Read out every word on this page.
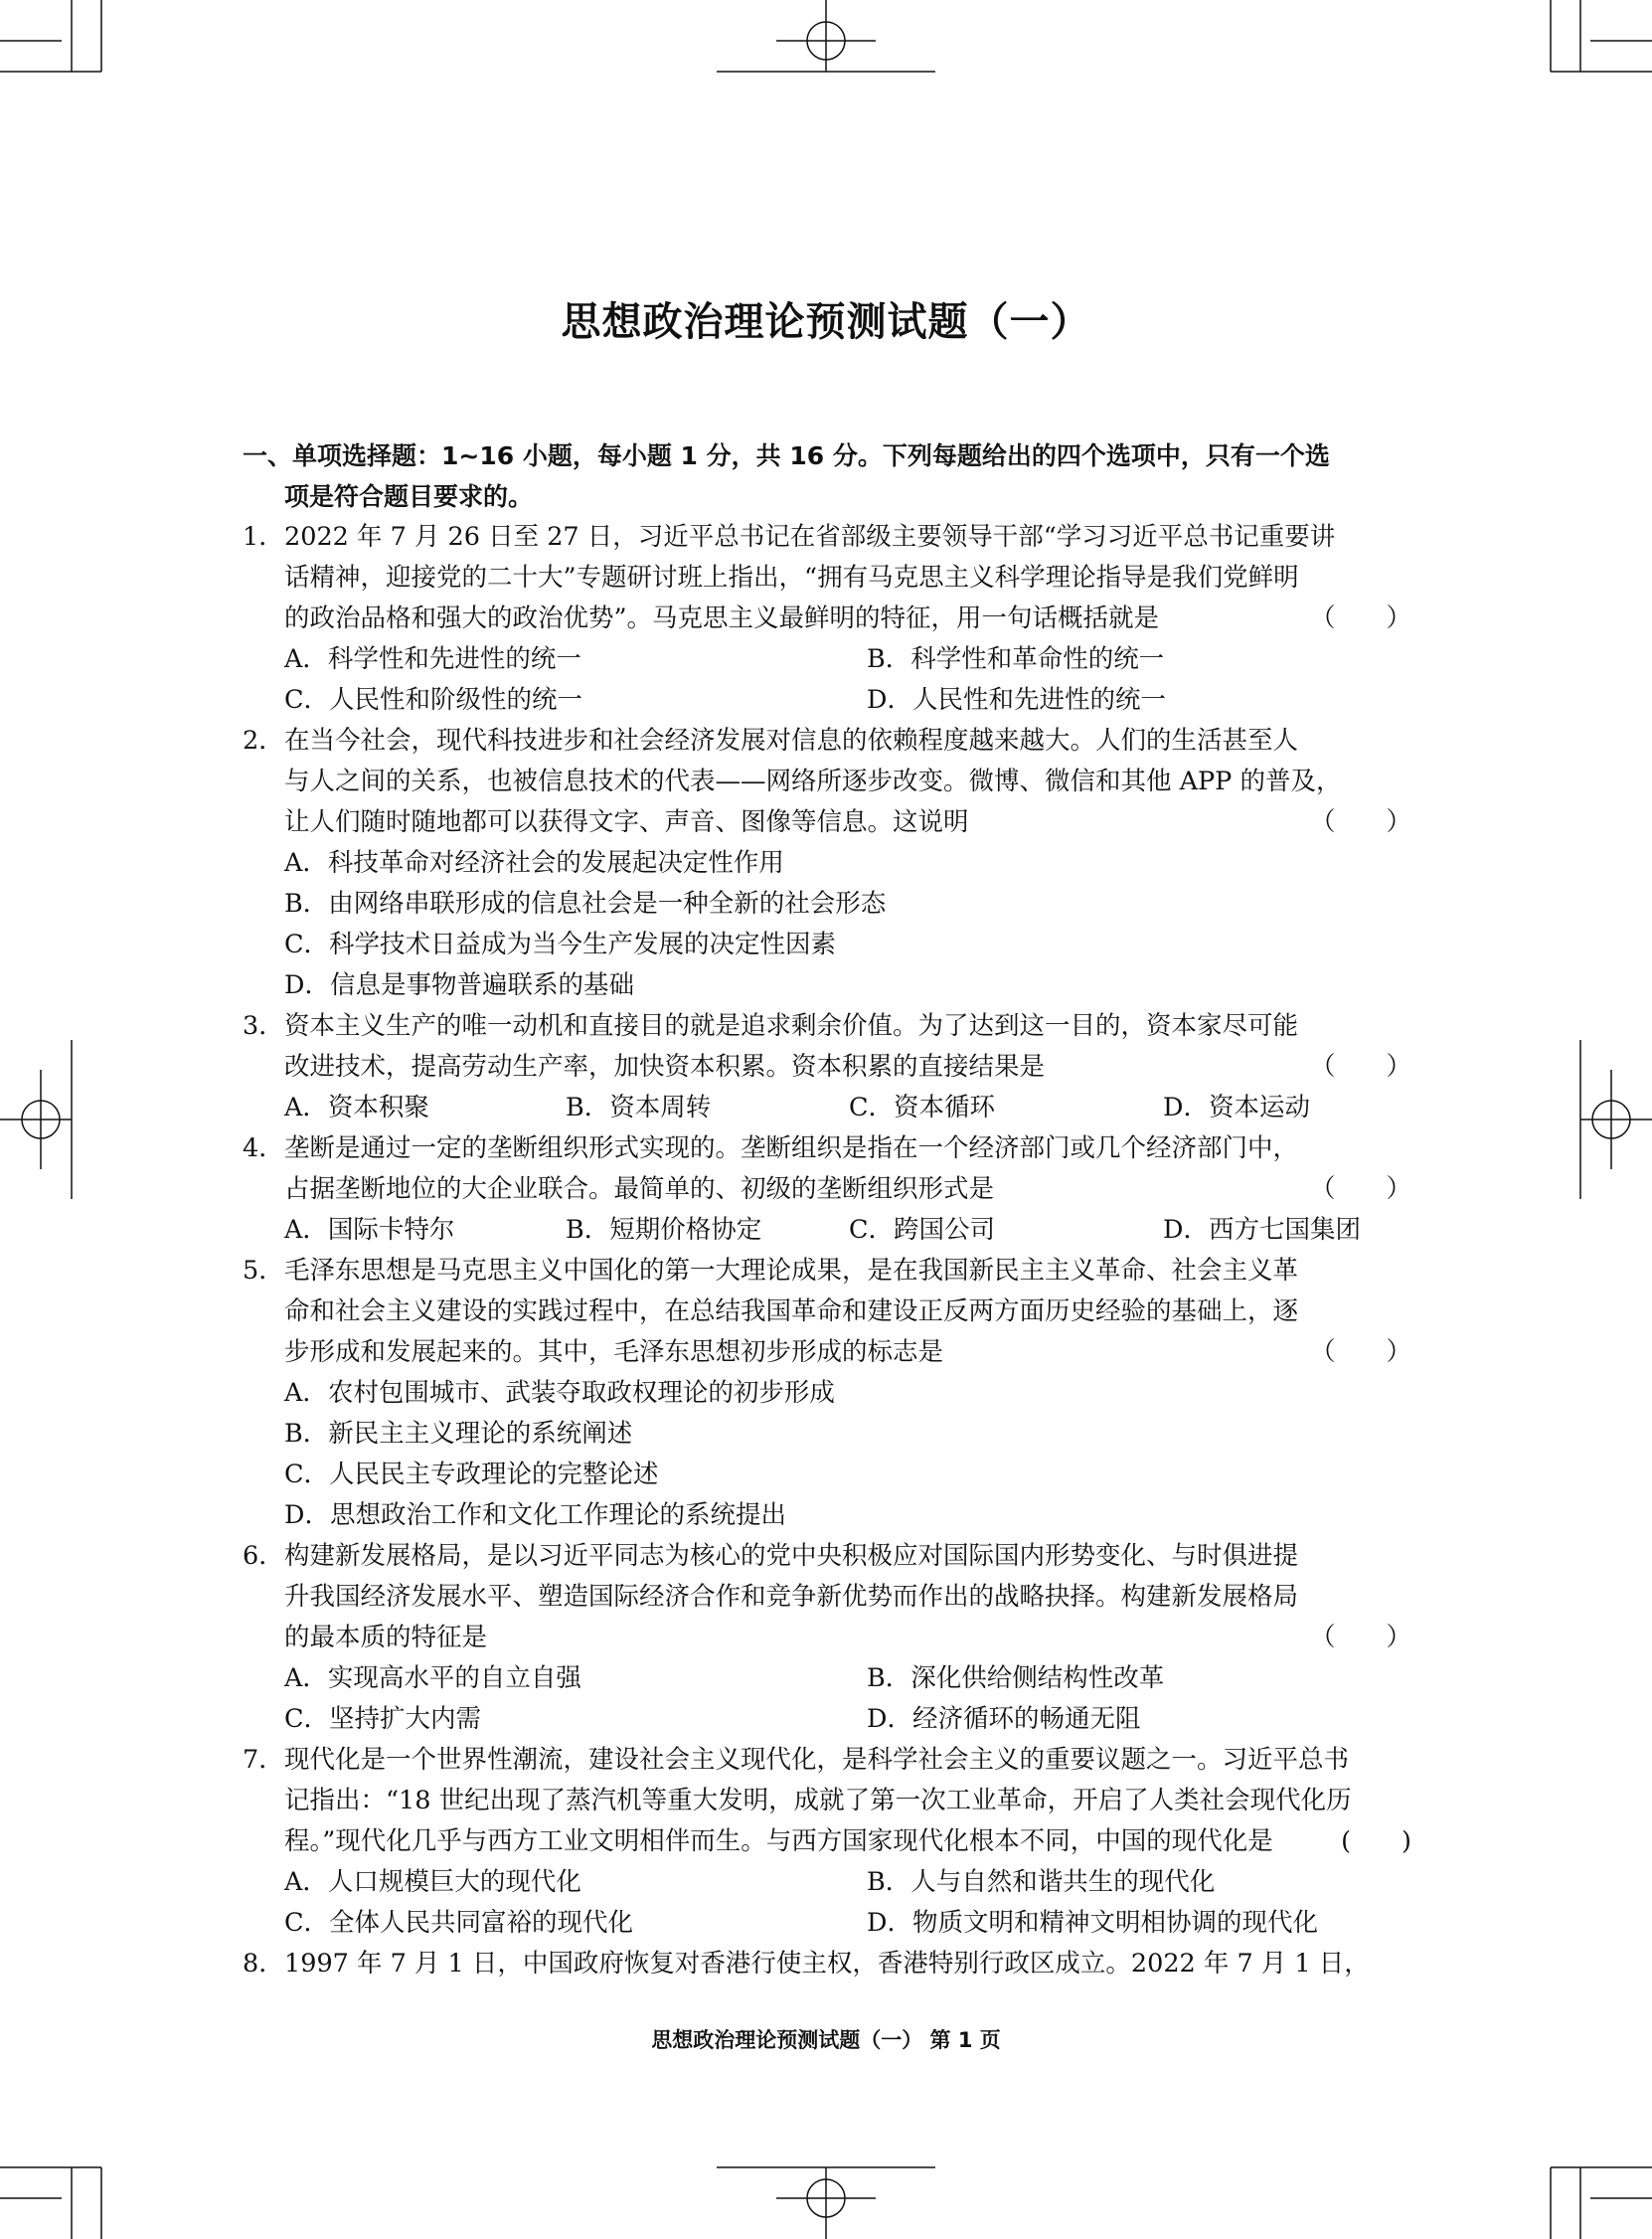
思想政治理论预测试题（一）
一、单项选择题：1~16 小题，每小题 1 分，共 16 分。下列每题给出的四个选项中，只有一个选
项是符合题目要求的。
1． 2022 年 7 月 26 日至 27 日，习近平总书记在省部级主要领导干部“学习习近平总书记重要讲
话精神，迎接党的二十大”专题研讨班上指出，“拥有马克思主义科学理论指导是我们党鲜明
的政治品格和强大的政治优势”。马克思主义最鲜明的特征，用一句话概括就是	（　　）
A．科学性和先进性的统一	B．科学性和革命性的统一
C．人民性和阶级性的统一	D．人民性和先进性的统一
2． 在当今社会，现代科技进步和社会经济发展对信息的依赖程度越来越大。人们的生活甚至人
与人之间的关系，也被信息技术的代表——网络所逐步改变。微博、微信和其他 APP 的普及，
让人们随时随地都可以获得文字、声音、图像等信息。这说明	（　　）
A．科技革命对经济社会的发展起决定性作用
B．由网络串联形成的信息社会是一种全新的社会形态
C．科学技术日益成为当今生产发展的决定性因素
D．信息是事物普遍联系的基础
3． 资本主义生产的唯一动机和直接目的就是追求剩余价值。为了达到这一目的，资本家尽可能
改进技术，提高劳动生产率，加快资本积累。资本积累的直接结果是	（　　）
A．资本积聚	B．资本周转	C．资本循环	D．资本运动
4． 垄断是通过一定的垄断组织形式实现的。垄断组织是指在一个经济部门或几个经济部门中，
占据垄断地位的大企业联合。最简单的、初级的垄断组织形式是	（　　）
A．国际卡特尔	B．短期价格协定	C．跨国公司	D．西方七国集团
5． 毛泽东思想是马克思主义中国化的第一大理论成果，是在我国新民主主义革命、社会主义革
命和社会主义建设的实践过程中，在总结我国革命和建设正反两方面历史经验的基础上，逐
步形成和发展起来的。其中，毛泽东思想初步形成的标志是	（　　）
A．农村包围城市、武装夺取政权理论的初步形成
B．新民主主义理论的系统阐述
C．人民民主专政理论的完整论述
D．思想政治工作和文化工作理论的系统提出
6． 构建新发展格局，是以习近平同志为核心的党中央积极应对国际国内形势变化、与时俱进提
升我国经济发展水平、塑造国际经济合作和竞争新优势而作出的战略抉择。构建新发展格局
的最本质的特征是	（　　）
A．实现高水平的自立自强	B．深化供给侧结构性改革
C．坚持扩大内需	D．经济循环的畅通无阻
7． 现代化是一个世界性潮流，建设社会主义现代化，是科学社会主义的重要议题之一。习近平总书
记指出：“18 世纪出现了蒸汽机等重大发明，成就了第一次工业革命，开启了人类社会现代化历
程。”现代化几乎与西方工业文明相伴而生。与西方国家现代化根本不同，中国的现代化是	(　　)
A．人口规模巨大的现代化	B．人与自然和谐共生的现代化
C．全体人民共同富裕的现代化	D．物质文明和精神文明相协调的现代化
8． 1997 年 7 月 1 日，中国政府恢复对香港行使主权，香港特别行政区成立。2022 年 7 月 1 日，
思想政治理论预测试题（一） 第 1 页
